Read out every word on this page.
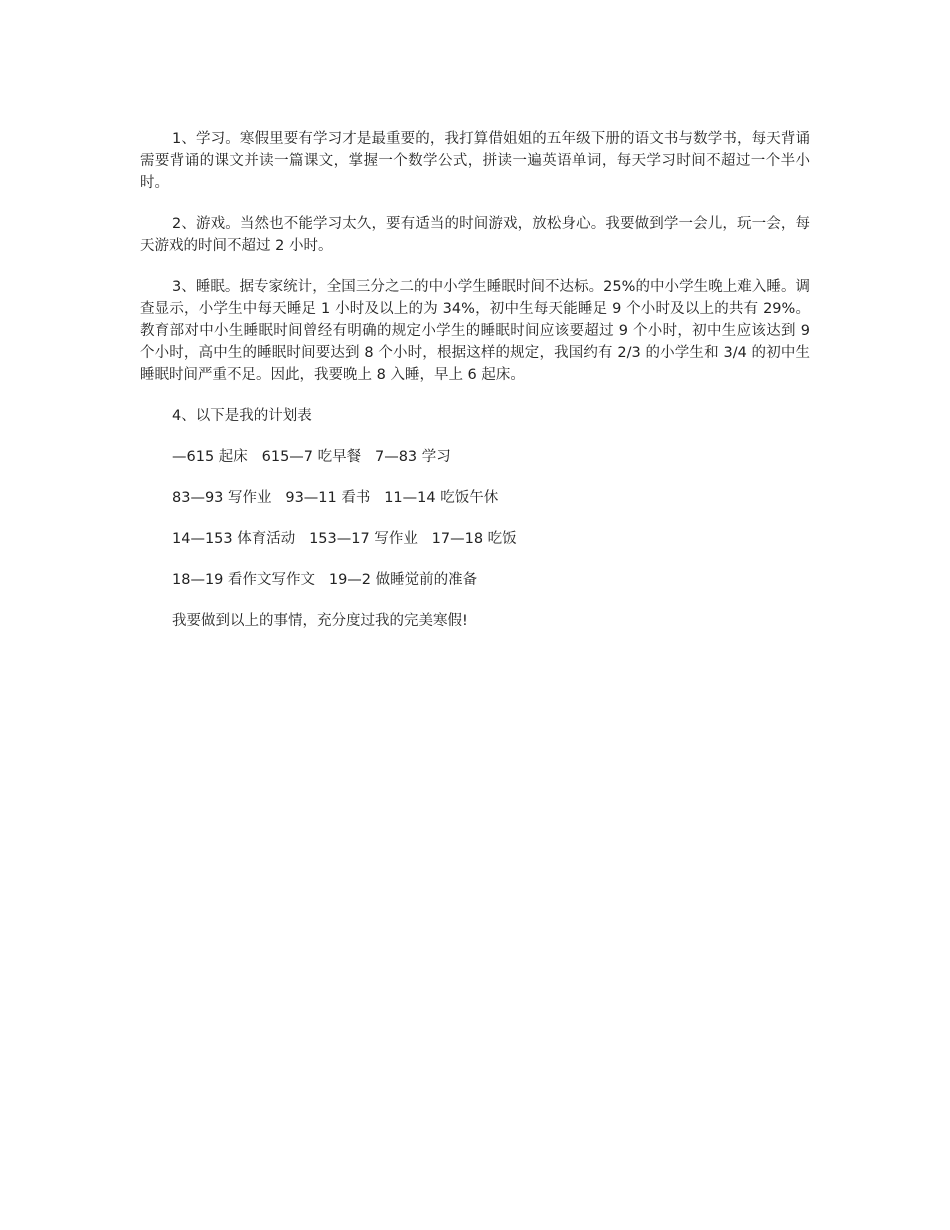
1、学习。寒假里要有学习才是最重要的，我打算借姐姐的五年级下册的语文书与数学书，每天背诵需要背诵的课文并读一篇课文，掌握一个数学公式，拼读一遍英语单词，每天学习时间不超过一个半小时。

2、游戏。当然也不能学习太久，要有适当的时间游戏，放松身心。我要做到学一会儿，玩一会，每天游戏的时间不超过 2 小时。

3、睡眠。据专家统计，全国三分之二的中小学生睡眠时间不达标。25%的中小学生晚上难入睡。调查显示，小学生中每天睡足 1 小时及以上的为 34%，初中生每天能睡足 9 个小时及以上的共有 29%。教育部对中小生睡眠时间曾经有明确的规定小学生的睡眠时间应该要超过 9 个小时，初中生应该达到 9 个小时，高中生的睡眠时间要达到 8 个小时，根据这样的规定，我国约有 2/3 的小学生和 3/4 的初中生睡眠时间严重不足。因此，我要晚上 8 入睡，早上 6 起床。

4、以下是我的计划表

—615 起床 615—7 吃早餐 7—83 学习
83—93 写作业 93—11 看书 11—14 吃饭午休
14—153 体育活动 153—17 写作业 17—18 吃饭
18—19 看作文写作文 19—2 做睡觉前的准备

我要做到以上的事情，充分度过我的完美寒假!
